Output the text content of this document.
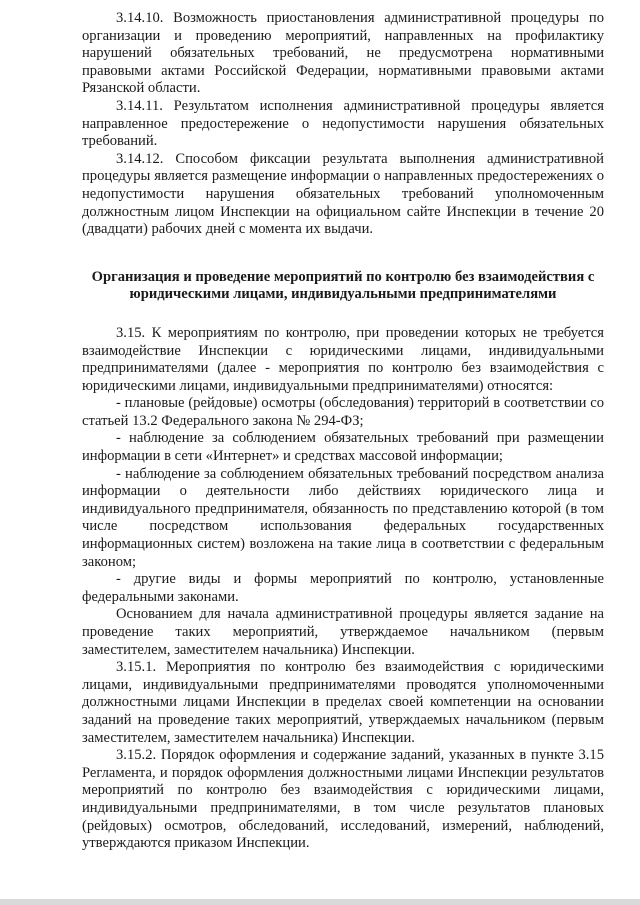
3.14.10. Возможность приостановления административной процедуры по организации и проведению мероприятий, направленных на профилактику нарушений обязательных требований, не предусмотрена нормативными правовыми актами Российской Федерации, нормативными правовыми актами Рязанской области.

3.14.11. Результатом исполнения административной процедуры является направленное предостережение о недопустимости нарушения обязательных требований.

3.14.12. Способом фиксации результата выполнения административной процедуры является размещение информации о направленных предостережениях о недопустимости нарушения обязательных требований уполномоченным должностным лицом Инспекции на официальном сайте Инспекции в течение 20 (двадцати) рабочих дней с момента их выдачи.

Организация и проведение мероприятий по контролю без взаимодействия с юридическими лицами, индивидуальными предпринимателями

3.15. К мероприятиям по контролю, при проведении которых не требуется взаимодействие Инспекции с юридическими лицами, индивидуальными предпринимателями (далее - мероприятия по контролю без взаимодействия с юридическими лицами, индивидуальными предпринимателями) относятся:

- плановые (рейдовые) осмотры (обследования) территорий в соответствии со статьей 13.2 Федерального закона № 294-ФЗ;

- наблюдение за соблюдением обязательных требований при размещении информации в сети «Интернет» и средствах массовой информации;

- наблюдение за соблюдением обязательных требований посредством анализа информации о деятельности либо действиях юридического лица и индивидуального предпринимателя, обязанность по представлению которой (в том числе посредством использования федеральных государственных информационных систем) возложена на такие лица в соответствии с федеральным законом;

- другие виды и формы мероприятий по контролю, установленные федеральными законами.

Основанием для начала административной процедуры является задание на проведение таких мероприятий, утверждаемое начальником (первым заместителем, заместителем начальника) Инспекции.

3.15.1. Мероприятия по контролю без взаимодействия с юридическими лицами, индивидуальными предпринимателями проводятся уполномоченными должностными лицами Инспекции в пределах своей компетенции на основании заданий на проведение таких мероприятий, утверждаемых начальником (первым заместителем, заместителем начальника) Инспекции.

3.15.2. Порядок оформления и содержание заданий, указанных в пункте 3.15 Регламента, и порядок оформления должностными лицами Инспекции результатов мероприятий по контролю без взаимодействия с юридическими лицами, индивидуальными предпринимателями, в том числе результатов плановых (рейдовых) осмотров, обследований, исследований, измерений, наблюдений, утверждаются приказом Инспекции.
